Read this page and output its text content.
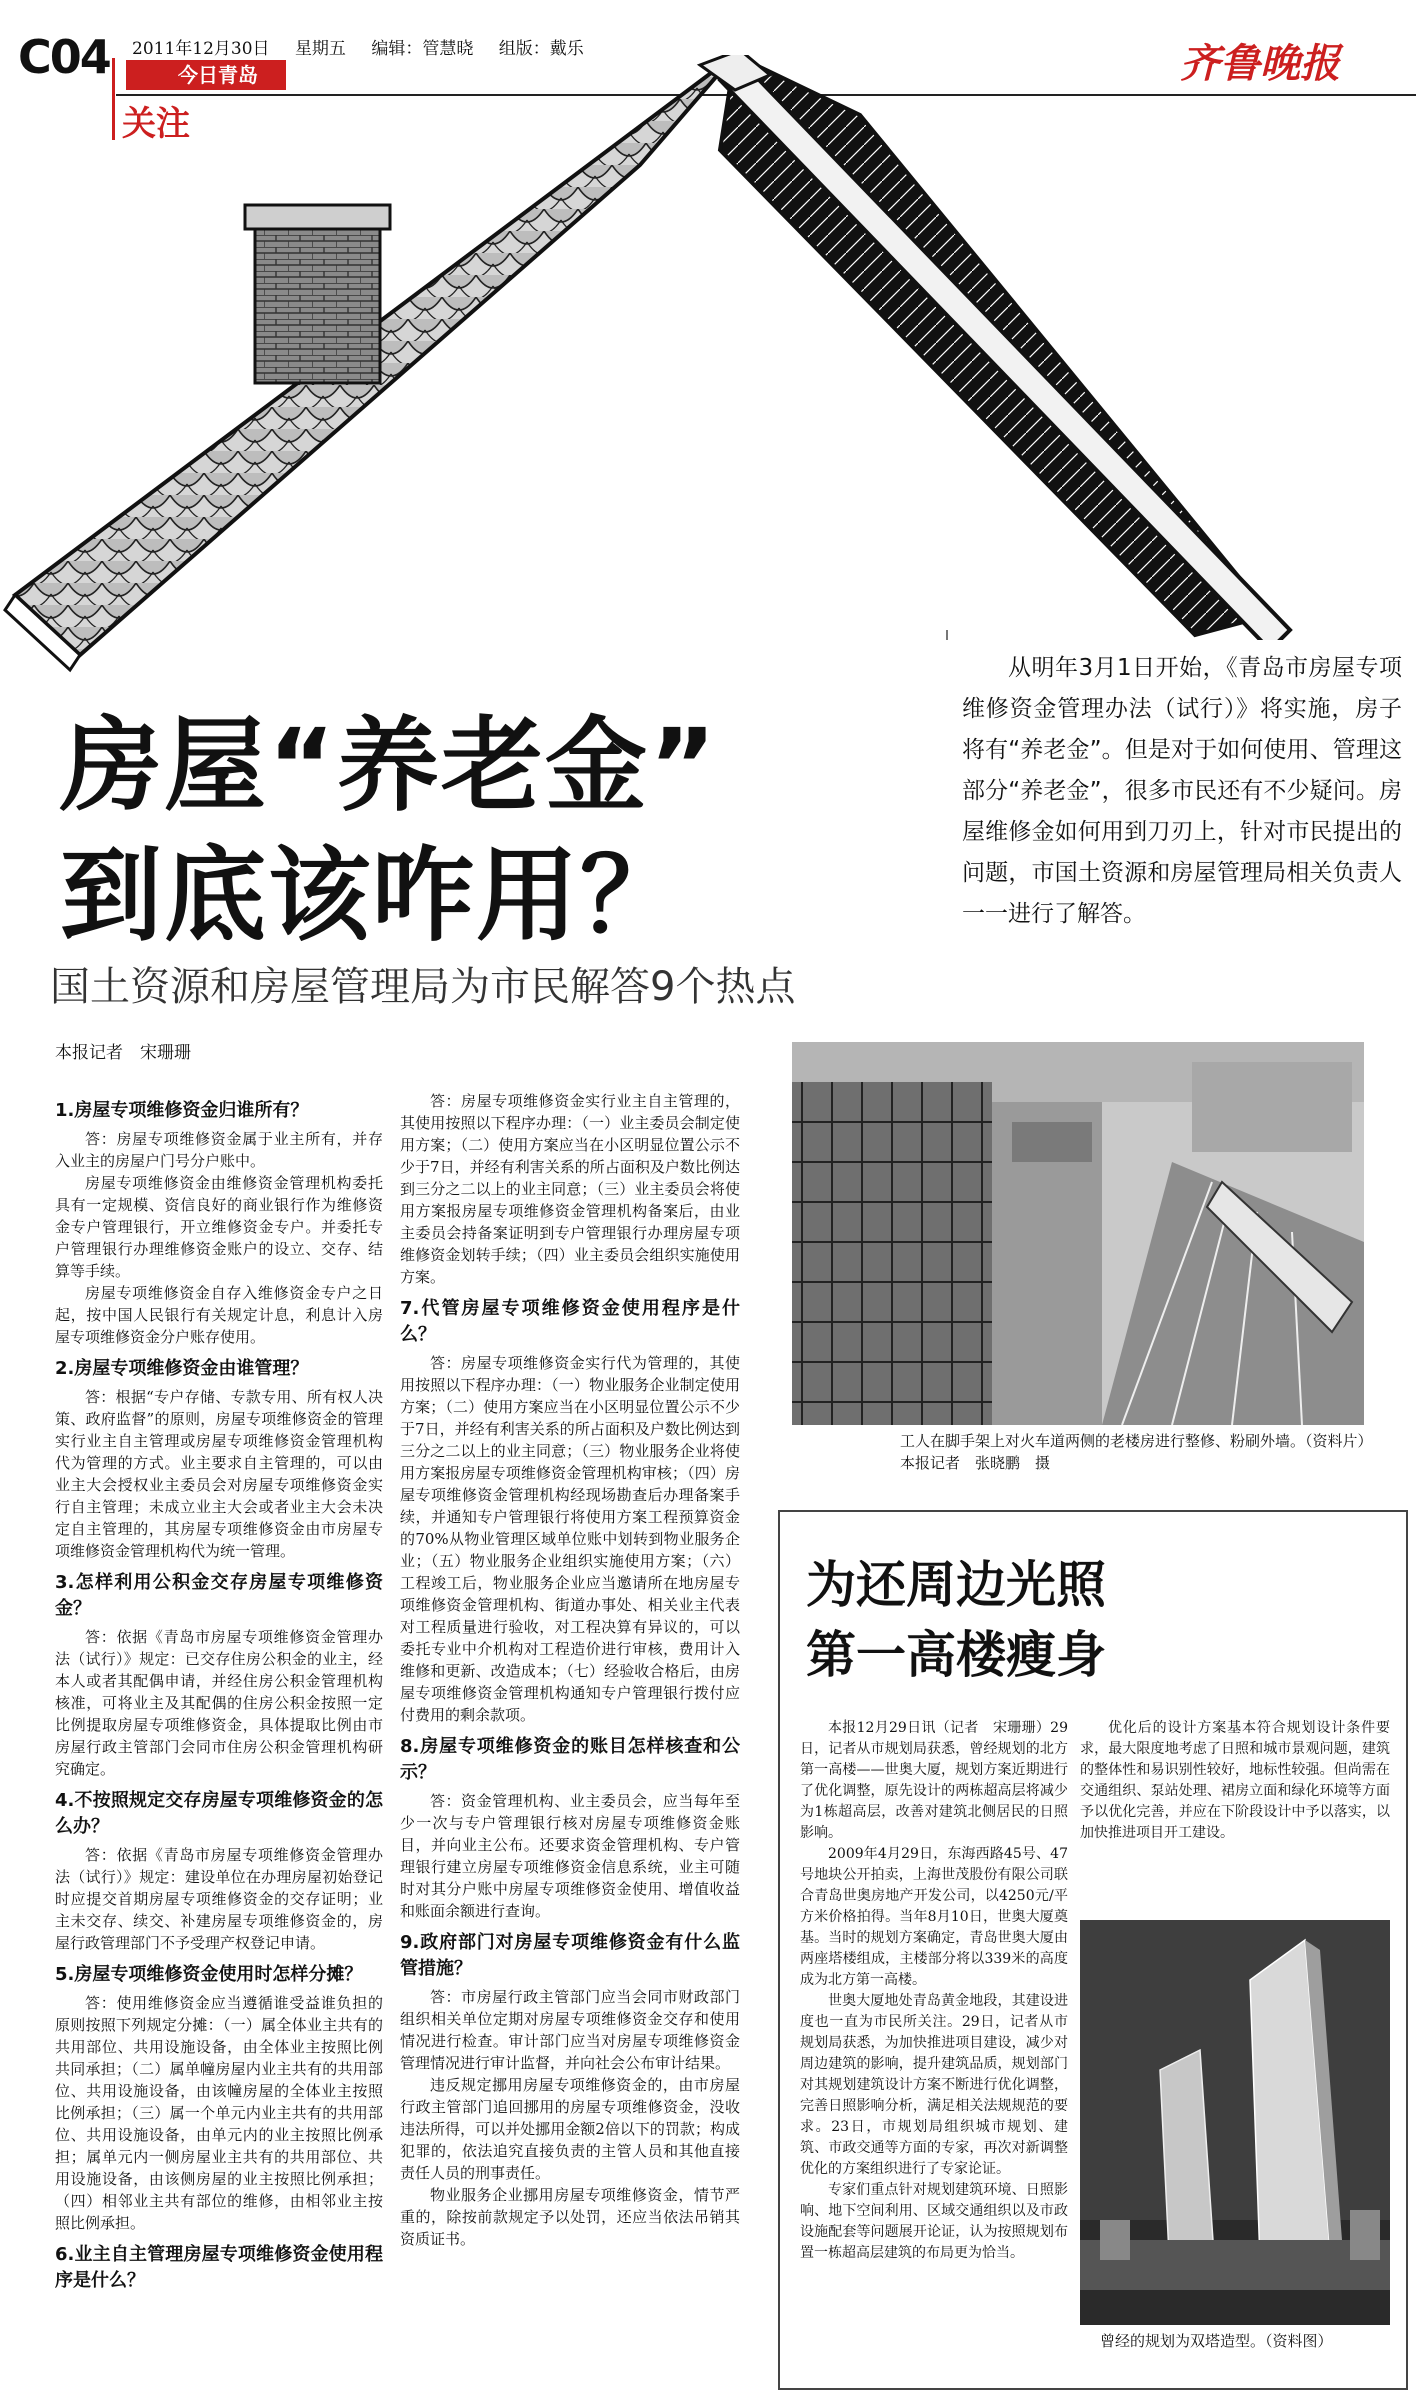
C04 2011年12月30日 星期五 编辑：管慧晓 组版：戴乐
今日青岛
关注
齐鲁晚报
房屋“养老金”
到底该咋用？
国土资源和房屋管理局为市民解答9个热点
从明年3月1日开始，《青岛市房屋专项维修资金管理办法（试行）》将实施，房子将有“养老金”。但是对于如何使用、管理这部分“养老金”，很多市民还有不少疑问。房屋维修金如何用到刀刃上，针对市民提出的问题，市国土资源和房屋管理局相关负责人一一进行了解答。
本报记者　宋珊珊
1.房屋专项维修资金归谁所有？

答：房屋专项维修资金属于业主所有，并存入业主的房屋户门号分户账中。

房屋专项维修资金由维修资金管理机构委托具有一定规模、资信良好的商业银行作为维修资金专户管理银行，开立维修资金专户。并委托专户管理银行办理维修资金账户的设立、交存、结算等手续。

房屋专项维修资金自存入维修资金专户之日起，按中国人民银行有关规定计息，利息计入房屋专项维修资金分户账存使用。

2.房屋专项维修资金由谁管理？

答：根据“专户存储、专款专用、所有权人决策、政府监督”的原则，房屋专项维修资金的管理实行业主自主管理或房屋专项维修资金管理机构代为管理的方式。业主要求自主管理的，可以由业主大会授权业主委员会对房屋专项维修资金实行自主管理；未成立业主大会或者业主大会未决定自主管理的，其房屋专项维修资金由市房屋专项维修资金管理机构代为统一管理。

3.怎样利用公积金交存房屋专项维修资金？

答：依据《青岛市房屋专项维修资金管理办法（试行）》规定：已交存住房公积金的业主，经本人或者其配偶申请，并经住房公积金管理机构核准，可将业主及其配偶的住房公积金按照一定比例提取房屋专项维修资金，具体提取比例由市房屋行政主管部门会同市住房公积金管理机构研究确定。

4.不按照规定交存房屋专项维修资金的怎么办？

答：依据《青岛市房屋专项维修资金管理办法（试行）》规定：建设单位在办理房屋初始登记时应提交首期房屋专项维修资金的交存证明；业主未交存、续交、补建房屋专项维修资金的，房屋行政管理部门不予受理产权登记申请。

5.房屋专项维修资金使用时怎样分摊？

答：使用维修资金应当遵循谁受益谁负担的原则按照下列规定分摊：（一）属全体业主共有的共用部位、共用设施设备，由全体业主按照比例共同承担；（二）属单幢房屋内业主共有的共用部位、共用设施设备，由该幢房屋的全体业主按照比例承担；（三）属一个单元内业主共有的共用部位、共用设施设备，由单元内的业主按照比例承担；属单元内一侧房屋业主共有的共用部位、共用设施设备，由该侧房屋的业主按照比例承担；（四）相邻业主共有部位的维修，由相邻业主按照比例承担。

6.业主自主管理房屋专项维修资金使用程序是什么？

答：房屋专项维修资金实行业主自主管理的，其使用按照以下程序办理：（一）业主委员会制定使用方案；（二）使用方案应当在小区明显位置公示不少于7日，并经有利害关系的所占面积及户数比例达到三分之二以上的业主同意；（三）业主委员会将使用方案报房屋专项维修资金管理机构备案后，由业主委员会持备案证明到专户管理银行办理房屋专项维修资金划转手续；（四）业主委员会组织实施使用方案。

7.代管房屋专项维修资金使用程序是什么？

答：房屋专项维修资金实行代为管理的，其使用按照以下程序办理：（一）物业服务企业制定使用方案；（二）使用方案应当在小区明显位置公示不少于7日，并经有利害关系的所占面积及户数比例达到三分之二以上的业主同意；（三）物业服务企业将使用方案报房屋专项维修资金管理机构审核；（四）房屋专项维修资金管理机构经现场勘查后办理备案手续，并通知专户管理银行将使用方案工程预算资金的70%从物业管理区域单位账中划转到物业服务企业；（五）物业服务企业组织实施使用方案；（六）工程竣工后，物业服务企业应当邀请所在地房屋专项维修资金管理机构、街道办事处、相关业主代表对工程质量进行验收，对工程决算有异议的，可以委托专业中介机构对工程造价进行审核，费用计入维修和更新、改造成本；（七）经验收合格后，由房屋专项维修资金管理机构通知专户管理银行拨付应付费用的剩余款项。

8.房屋专项维修资金的账目怎样核查和公示？

答：资金管理机构、业主委员会，应当每年至少一次与专户管理银行核对房屋专项维修资金账目，并向业主公布。还要求资金管理机构、专户管理银行建立房屋专项维修资金信息系统，业主可随时对其分户账中房屋专项维修资金使用、增值收益和账面余额进行查询。

9.政府部门对房屋专项维修资金有什么监管措施？

答：市房屋行政主管部门应当会同市财政部门组织相关单位定期对房屋专项维修资金交存和使用情况进行检查。审计部门应当对房屋专项维修资金管理情况进行审计监督，并向社会公布审计结果。

违反规定挪用房屋专项维修资金的，由市房屋行政主管部门追回挪用的房屋专项维修资金，没收违法所得，可以并处挪用金额2倍以下的罚款；构成犯罪的，依法追究直接负责的主管人员和其他直接责任人员的刑事责任。

物业服务企业挪用房屋专项维修资金，情节严重的，除按前款规定予以处罚，还应当依法吊销其资质证书。

工人在脚手架上对火车道两侧的老楼房进行整修、粉刷外墙。（资料片）　本报记者　张晓鹏　摄
为还周边光照
第一高楼瘦身

本报12月29日讯（记者　宋珊珊）29日，记者从市规划局获悉，曾经规划的北方第一高楼——世奥大厦，规划方案近期进行了优化调整，原先设计的两栋超高层将减少为1栋超高层，改善对建筑北侧居民的日照影响。

2009年4月29日，东海西路45号、47号地块公开拍卖，上海世茂股份有限公司联合青岛世奥房地产开发公司，以4250元/平方米价格拍得。当年8月10日，世奥大厦奠基。当时的规划方案确定，青岛世奥大厦由两座塔楼组成，主楼部分将以339米的高度成为北方第一高楼。

世奥大厦地处青岛黄金地段，其建设进度也一直为市民所关注。29日，记者从市规划局获悉，为加快推进项目建设，减少对周边建筑的影响，提升建筑品质，规划部门对其规划建筑设计方案不断进行优化调整，完善日照影响分析，满足相关法规规范的要求。23日，市规划局组织城市规划、建筑、市政交通等方面的专家，再次对新调整优化的方案组织进行了专家论证。

专家们重点针对规划建筑环境、日照影响、地下空间利用、区域交通组织以及市政设施配套等问题展开论证，认为按照规划布置一栋超高层建筑的布局更为恰当。

优化后的设计方案基本符合规划设计条件要求，最大限度地考虑了日照和城市景观问题，建筑的整体性和易识别性较好，地标性较强。但尚需在交通组织、泵站处理、裙房立面和绿化环境等方面予以优化完善，并应在下阶段设计中予以落实，以加快推进项目开工建设。

曾经的规划为双塔造型。（资料图）
